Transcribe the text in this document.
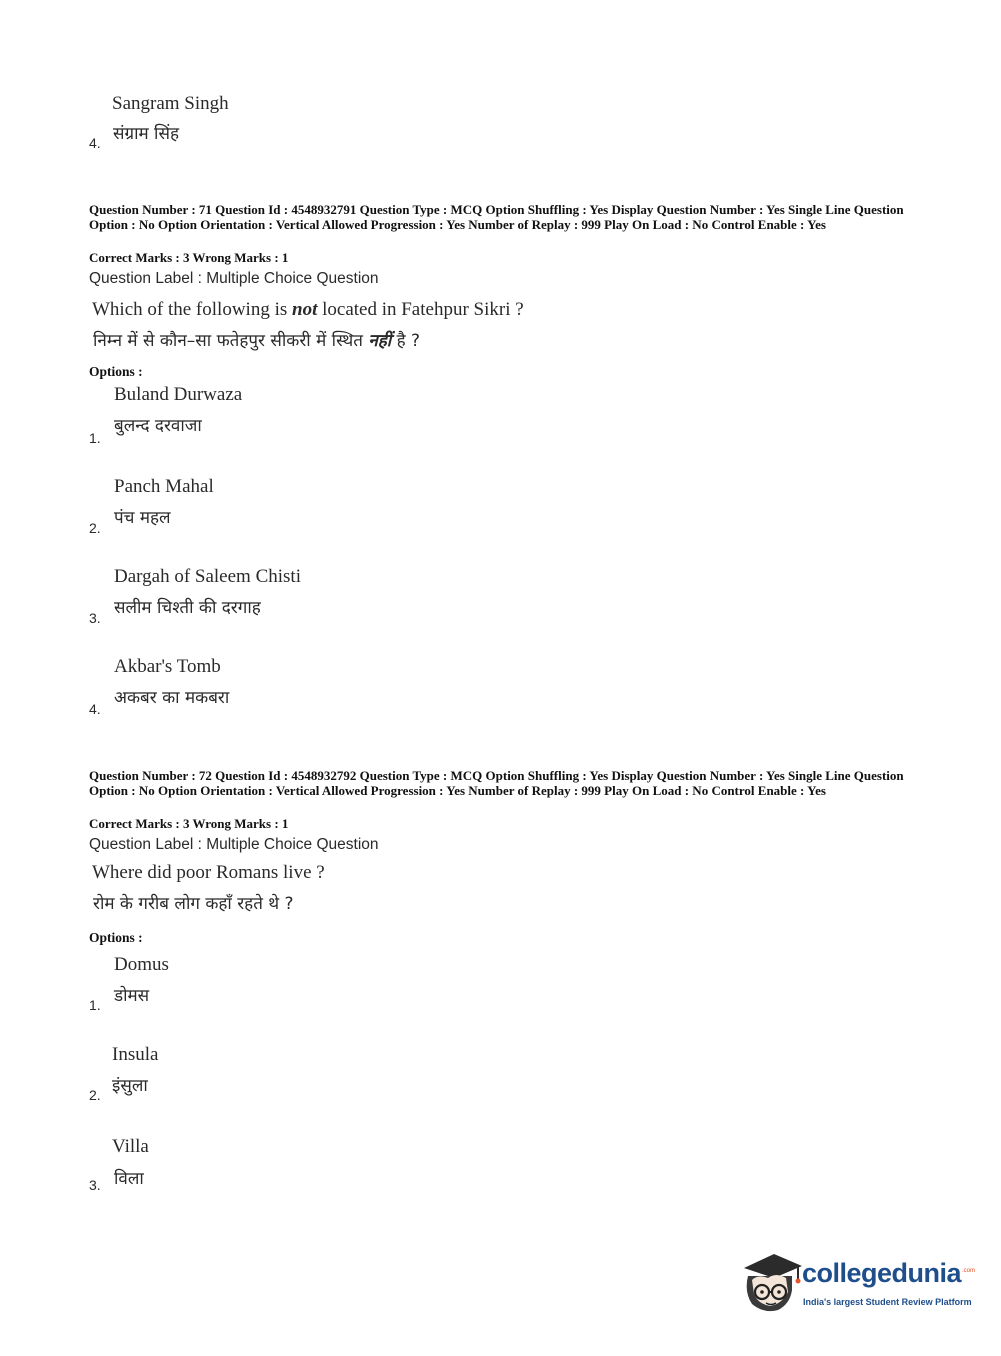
Sangram Singh
संग्राम सिंह
4.
Question Number : 71 Question Id : 4548932791 Question Type : MCQ Option Shuffling : Yes Display Question Number : Yes Single Line Question Option : No Option Orientation : Vertical Allowed Progression : Yes Number of Replay : 999 Play On Load : No Control Enable : Yes
Correct Marks : 3 Wrong Marks : 1
Question Label : Multiple Choice Question
Which of the following is not located in Fatehpur Sikri ?
निम्न में से कौन–सा फतेहपुर सीकरी में स्थित नहीं है ?
Options :
Buland Durwaza
बुलन्द दरवाजा
1.
Panch Mahal
पंच महल
2.
Dargah of Saleem Chisti
सलीम चिश्ती की दरगाह
3.
Akbar's Tomb
अकबर का मकबरा
4.
Question Number : 72 Question Id : 4548932792 Question Type : MCQ Option Shuffling : Yes Display Question Number : Yes Single Line Question Option : No Option Orientation : Vertical Allowed Progression : Yes Number of Replay : 999 Play On Load : No Control Enable : Yes
Correct Marks : 3 Wrong Marks : 1
Question Label : Multiple Choice Question
Where did poor Romans live ?
रोम के गरीब लोग कहाँ रहते थे ?
Options :
Domus
डोमस
1.
Insula
इंसुला
2.
Villa
विला
3.
collegedunia .com
India's largest Student Review Platform
